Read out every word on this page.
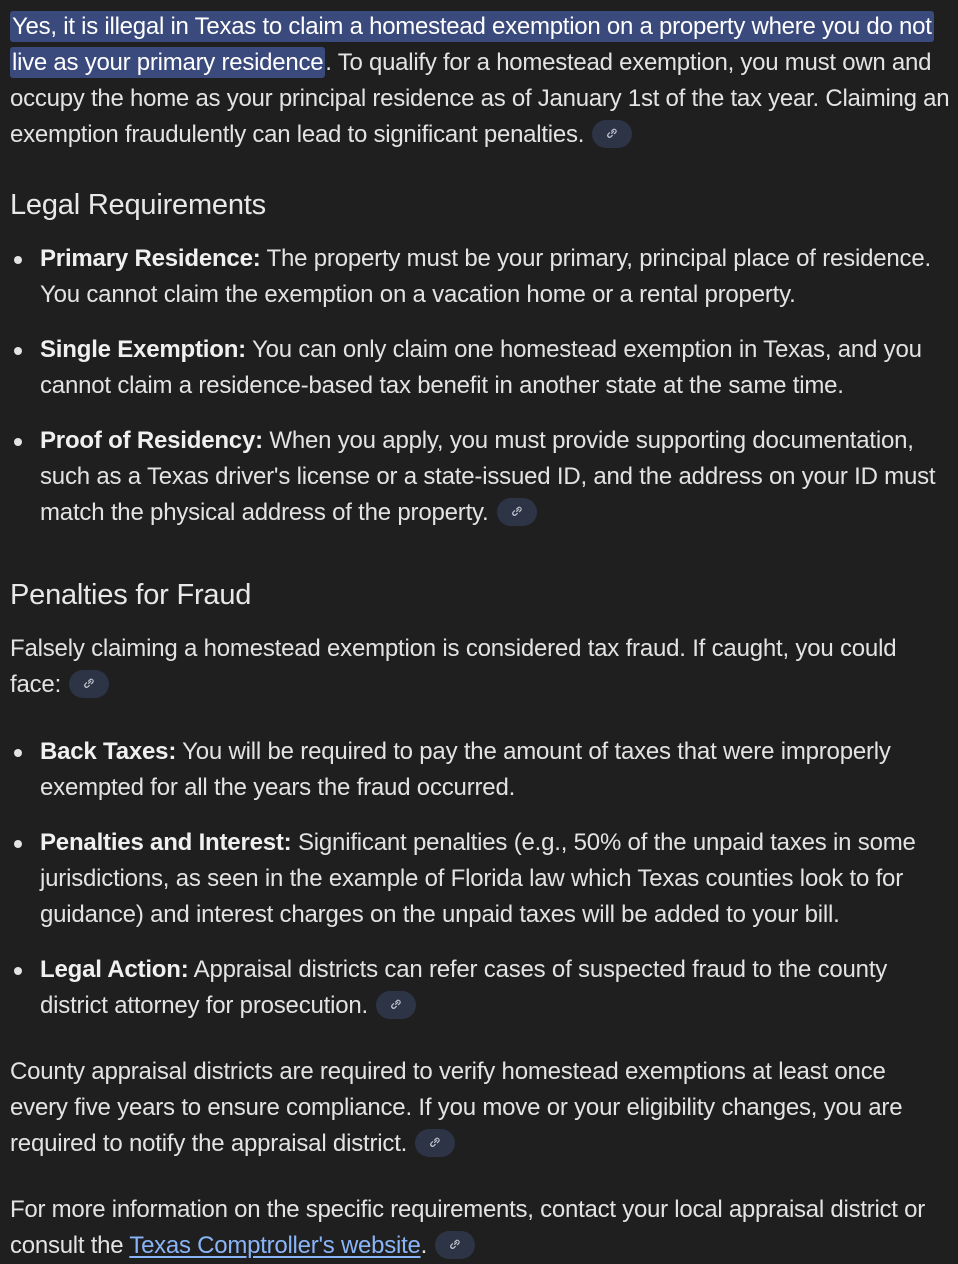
Yes, it is illegal in Texas to claim a homestead exemption on a property where you do not live as your primary residence. To qualify for a homestead exemption, you must own and occupy the home as your principal residence as of January 1st of the tax year. Claiming an exemption fraudulently can lead to significant penalties.

Legal Requirements
Primary Residence: The property must be your primary, principal place of residence. You cannot claim the exemption on a vacation home or a rental property.
Single Exemption: You can only claim one homestead exemption in Texas, and you cannot claim a residence-based tax benefit in another state at the same time.
Proof of Residency: When you apply, you must provide supporting documentation, such as a Texas driver's license or a state-issued ID, and the address on your ID must match the physical address of the property.
Penalties for Fraud

Falsely claiming a homestead exemption is considered tax fraud. If caught, you could face:

Back Taxes: You will be required to pay the amount of taxes that were improperly exempted for all the years the fraud occurred.
Penalties and Interest: Significant penalties (e.g., 50% of the unpaid taxes in some jurisdictions, as seen in the example of Florida law which Texas counties look to for guidance) and interest charges on the unpaid taxes will be added to your bill.
Legal Action: Appraisal districts can refer cases of suspected fraud to the county district attorney for prosecution.

County appraisal districts are required to verify homestead exemptions at least once every five years to ensure compliance. If you move or your eligibility changes, you are required to notify the appraisal district.

For more information on the specific requirements, contact your local appraisal district or consult the Texas Comptroller's website.
